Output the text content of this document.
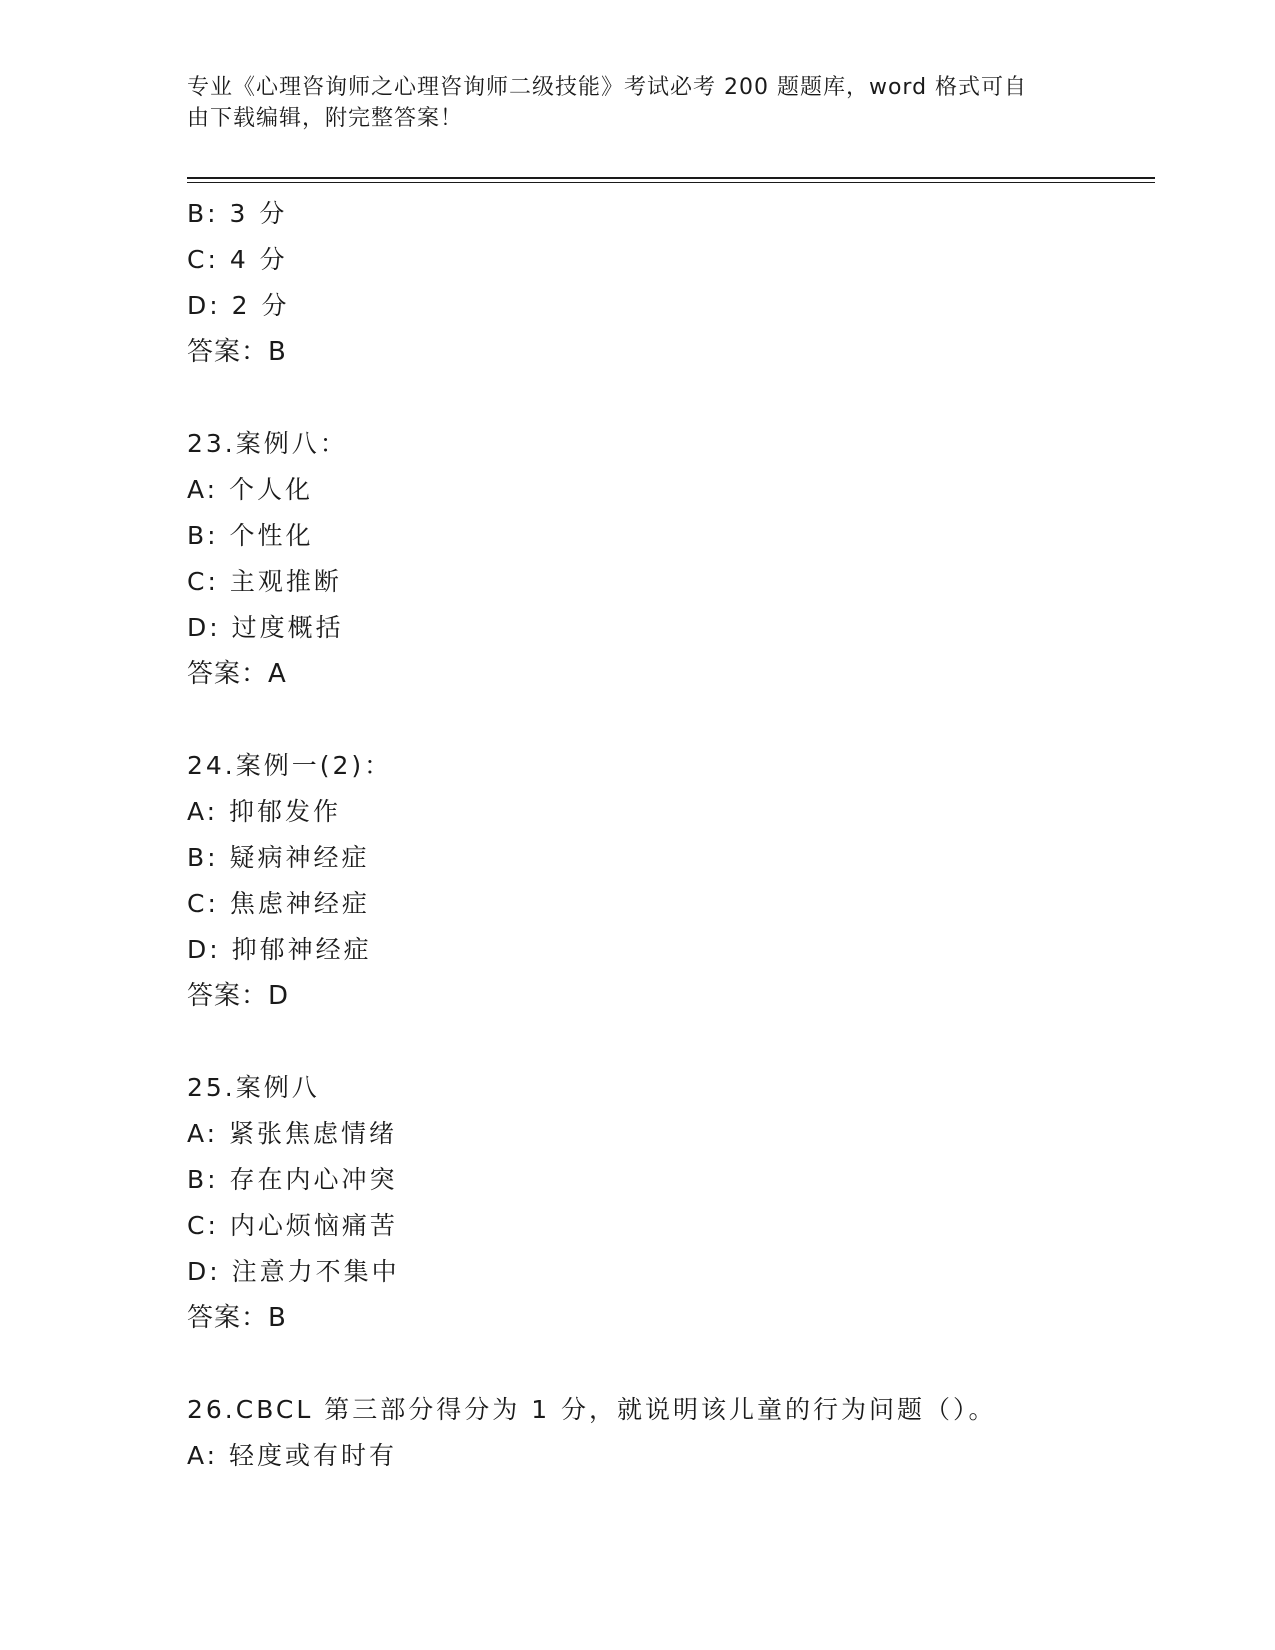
专业《心理咨询师之心理咨询师二级技能》考试必考 200 题题库，word 格式可自
由下载编辑，附完整答案！
B: 3 分
C: 4 分
D: 2 分
答案：B
23.案例八：
A: 个人化
B: 个性化
C: 主观推断
D: 过度概括
答案：A
24.案例一(2)：
A: 抑郁发作
B: 疑病神经症
C: 焦虑神经症
D: 抑郁神经症
答案：D
25.案例八
A: 紧张焦虑情绪
B: 存在内心冲突
C: 内心烦恼痛苦
D: 注意力不集中
答案：B
26.CBCL 第三部分得分为 1 分，就说明该儿童的行为问题（）。
A: 轻度或有时有
